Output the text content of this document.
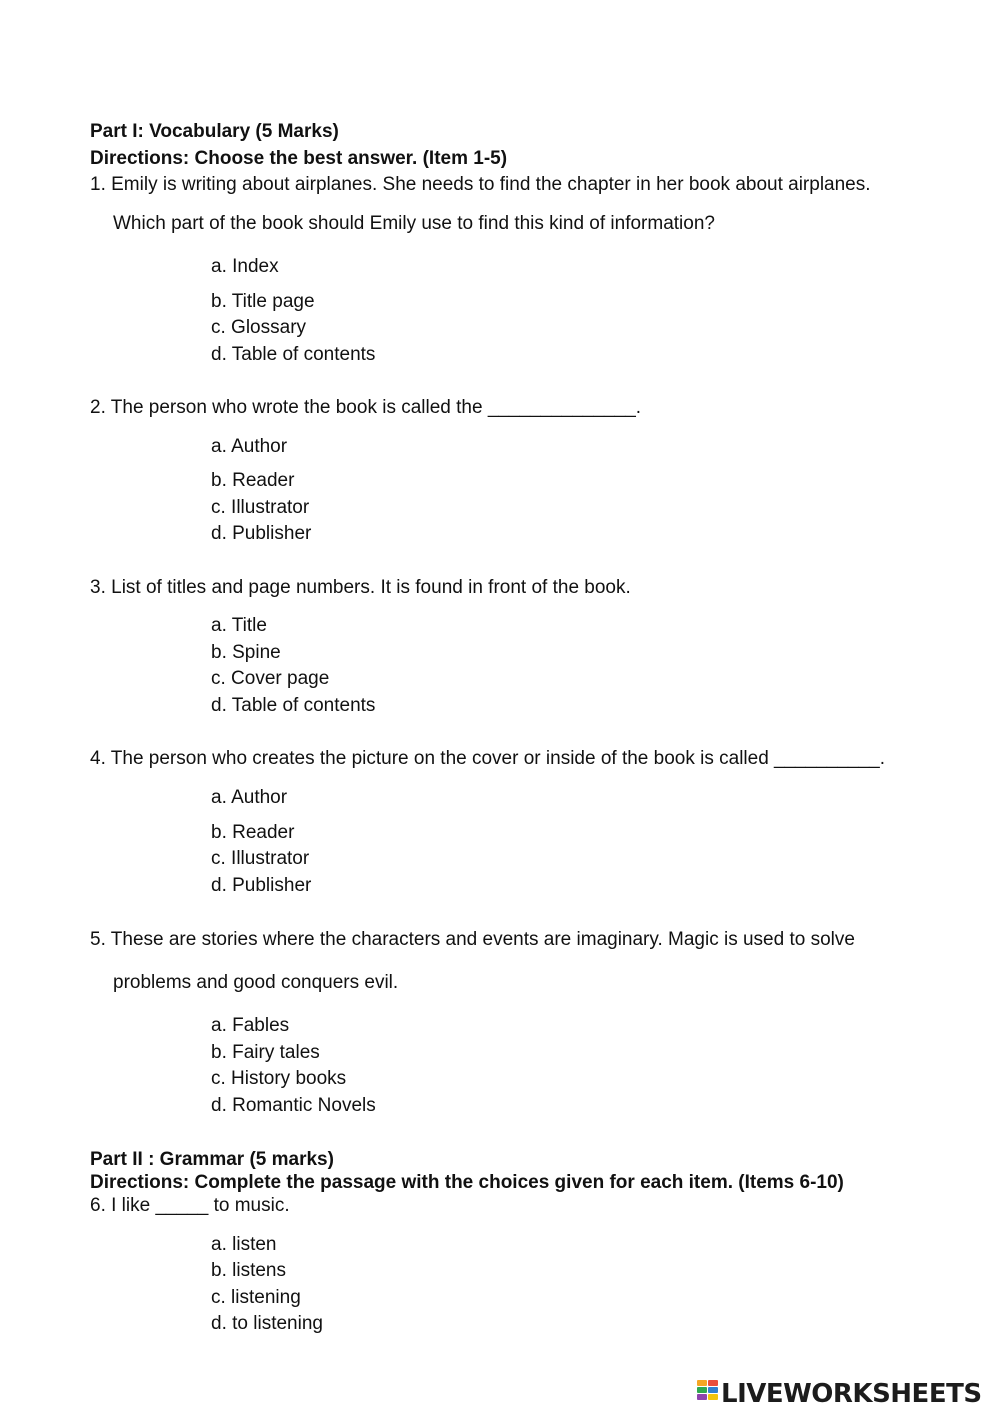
Part I: Vocabulary (5 Marks)
Directions: Choose the best answer. (Item 1-5)
1. Emily is writing about airplanes. She needs to find the chapter in her book about airplanes.
Which part of the book should Emily use to find this kind of information?
a. Index
b. Title page
c. Glossary
d. Table of contents
2. The person who wrote the book is called the ______________.
a. Author
b. Reader
c. Illustrator
d. Publisher
3. List of titles and page numbers. It is found in front of the book.
a. Title
b. Spine
c. Cover page
d. Table of contents
4. The person who creates the picture on the cover or inside of the book is called __________.
a. Author
b. Reader
c. Illustrator
d. Publisher
5. These are stories where the characters and events are imaginary. Magic is used to solve
problems and good conquers evil.
a. Fables
b. Fairy tales
c. History books
d. Romantic Novels
Part II : Grammar (5 marks)
Directions: Complete the passage with the choices given for each item. (Items 6-10)
6. I like _____ to music.
a. listen
b. listens
c. listening
d. to listening
LIVEWORKSHEETS
